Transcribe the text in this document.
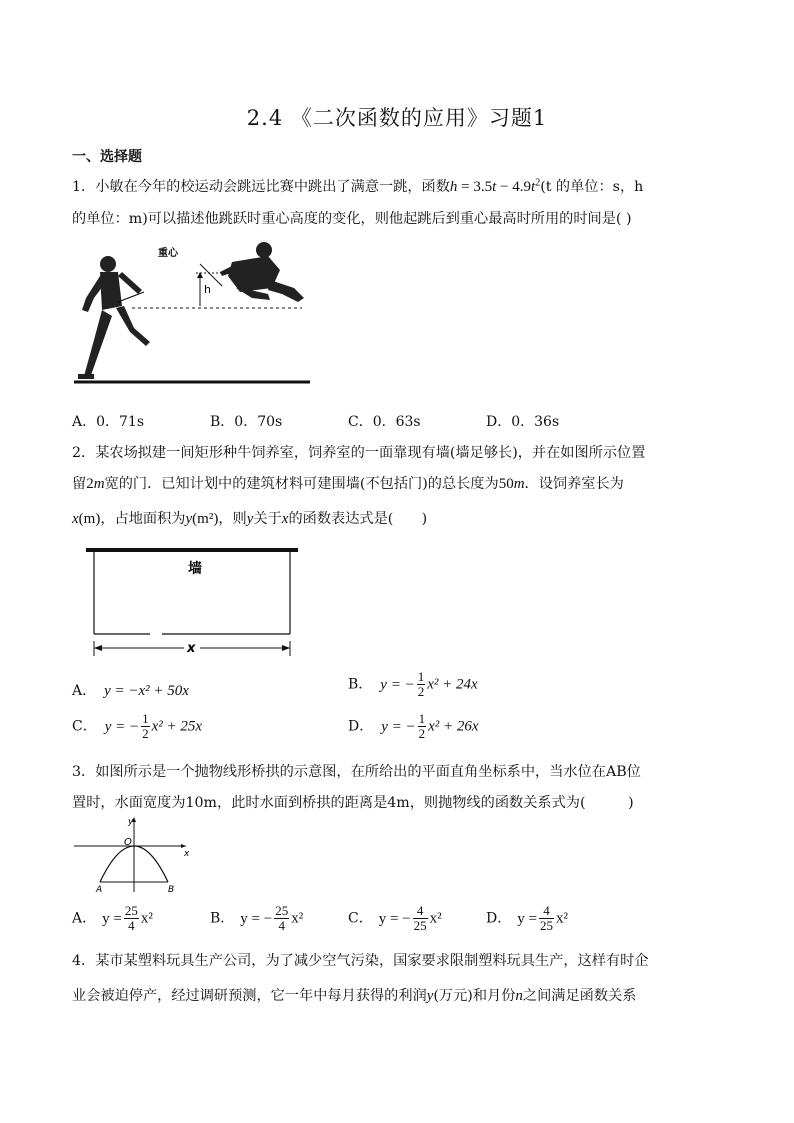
2.4 《二次函数的应用》习题1
一、选择题
1．小敏在今年的校运动会跳远比赛中跳出了满意一跳，函数$h = 3.5t - 4.9t^2(t$ 的单位：s，h
的单位：m)可以描述他跳跃时重心高度的变化，则他起跳后到重心最高时所用的时间是( )
重心
h
A．0．71s	B．0．70s	C．0．63s	D．0．36s
2．某农场拟建一间矩形种牛饲养室，饲养室的一面靠现有墙(墙足够长)，并在如图所示位置
留2m宽的门．已知计划中的建筑材料可建围墙(不包括门)的总长度为50m．设饲养室长为
x(m)，占地面积为y(m²)，则y关于x的函数表达式是(　　)
墙
x
A． y = −x² + 50x	B． y = − $\frac{1}{2} x^2 + 24x$
C． y = − $\frac{1}{2} x^2 + 25x$	D． y = − $\frac{1}{2} x^2 + 26x$
3．如图所示是一个抛物线形桥拱的示意图，在所给出的平面直角坐标系中，当水位在AB位
置时，水面宽度为10m，此时水面到桥拱的距离是4m，则抛物线的函数关系式为(　　　)
y
O
x
A	B
A． $y = \frac{25}{4} x^2$	B． y = − $\frac{25}{4} x^2$	C． y = − $\frac{4}{25} x^2$	D． $y = \frac{4}{25} x^2$
4．某市某塑料玩具生产公司，为了减少空气污染，国家要求限制塑料玩具生产，这样有时企
业会被迫停产，经过调研预测，它一年中每月获得的利润y(万元)和月份n之间满足函数关系
